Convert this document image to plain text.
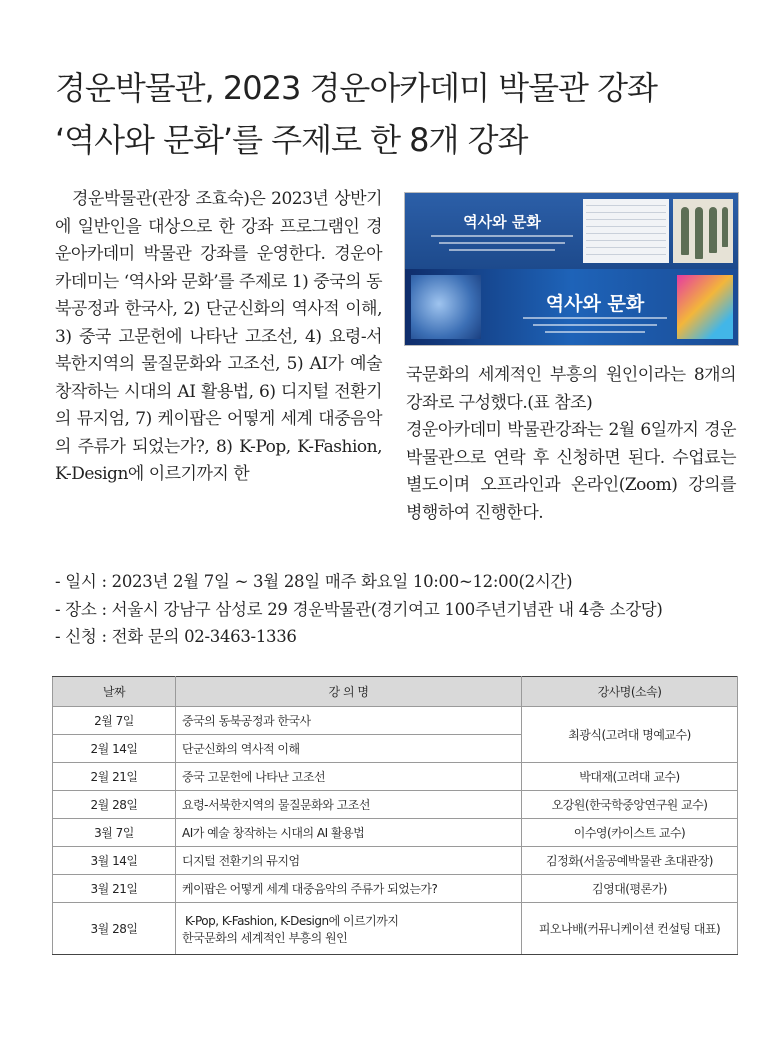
경운박물관, 2023 경운아카데미 박물관 강좌
‘역사와 문화’를 주제로 한 8개 강좌

경운박물관(관장 조효숙)은 2023년 상반기에 일반인을 대상으로 한 강좌 프로그램인 경운아카데미 박물관 강좌를 운영한다. 경운아카데미는 ‘역사와 문화’를 주제로 1) 중국의 동북공정과 한국사, 2) 단군신화의 역사적 이해, 3) 중국 고문헌에 나타난 고조선, 4) 요령-서북한지역의 물질문화와 고조선, 5) AI가 예술 창작하는 시대의 AI 활용법, 6) 디지털 전환기의 뮤지엄, 7) 케이팝은 어떻게 세계 대중음악의 주류가 되었는가?, 8) K-Pop, K-Fashion, K-Design에 이르기까지 한

역사와 문화
역사와 문화

국문화의 세계적인 부흥의 원인이라는 8개의 강좌로 구성했다.(표 참조)

경운아카데미 박물관강좌는 2월 6일까지 경운박물관으로 연락 후 신청하면 된다. 수업료는 별도이며 오프라인과 온라인(Zoom) 강의를 병행하여 진행한다.

- 일시 : 2023년 2월 7일 ~ 3월 28일 매주 화요일 10:00~12:00(2시간)
- 장소 : 서울시 강남구 삼성로 29 경운박물관(경기여고 100주년기념관 내 4층 소강당)
- 신청 : 전화 문의 02-3463-1336
날짜	강 의 명	강사명(소속)
2월 7일	중국의 동북공정과 한국사	최광식(고려대 명예교수)
2월 14일	단군신화의 역사적 이해	
2월 21일	중국 고문헌에 나타난 고조선	박대재(고려대 교수)
2월 28일	요령-서북한지역의 물질문화와 고조선	오강원(한국학중앙연구원 교수)
3월 7일	AI가 예술 창작하는 시대의 AI 활용법	이수영(카이스트 교수)
3월 14일	디지털 전환기의 뮤지엄	김정화(서울공예박물관 초대관장)
3월 21일	케이팝은 어떻게 세계 대중음악의 주류가 되었는가?	김영대(평론가)
3월 28일	K-Pop, K-Fashion, K-Design에 이르기까지
한국문화의 세계적인 부흥의 원인	피오나배(커뮤니케이션 컨설팅 대표)
